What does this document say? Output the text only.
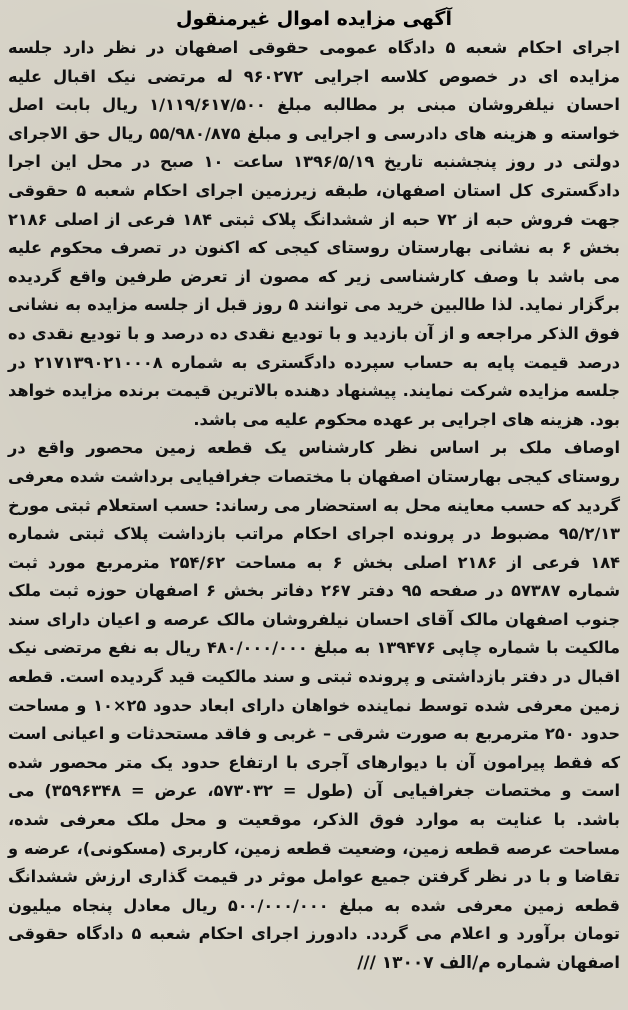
آگهی مزایده اموال غیرمنقول

اجرای احکام شعبه ۵ دادگاه عمومی حقوقی اصفهان در نظر دارد جلسه مزایده ای در خصوص کلاسه اجرایی ۹۶۰۲۷۲ له مرتضی نیک اقبال علیه احسان نیلفروشان مبنی بر مطالبه مبلغ ۱/۱۱۹/۶۱۷/۵۰۰ ریال بابت اصل خواسته و هزینه های دادرسی و اجرایی و مبلغ ۵۵/۹۸۰/۸۷۵ ریال حق الاجرای دولتی در روز پنجشنبه تاریخ ۱۳۹۶/۵/۱۹ ساعت ۱۰ صبح در محل این اجرا دادگستری کل استان اصفهان، طبقه زیرزمین اجرای احکام شعبه ۵ حقوقی جهت فروش حبه از ۷۲ حبه از ششدانگ پلاک ثبتی ۱۸۴ فرعی از اصلی ۲۱۸۶ بخش ۶ به نشانی بهارستان روستای کیجی که اکنون در تصرف محکوم علیه می باشد با وصف کارشناسی زیر که مصون از تعرض طرفین واقع گردیده برگزار نماید. لذا طالبین خرید می توانند ۵ روز قبل از جلسه مزایده به نشانی فوق الذکر مراجعه و از آن بازدید و با تودیع نقدی ده درصد و با تودیع نقدی ده درصد قیمت پایه به حساب سپرده دادگستری به شماره ۲۱۷۱۳۹۰۲۱۰۰۰۸ در جلسه مزایده شرکت نمایند. پیشنهاد دهنده بالاترین قیمت برنده مزایده خواهد بود. هزینه های اجرایی بر عهده محکوم علیه می باشد.
اوصاف ملک بر اساس نظر کارشناس یک قطعه زمین محصور واقع در روستای کیجی بهارستان اصفهان با مختصات جغرافیایی برداشت شده معرفی گردید که حسب معاینه محل به استحضار می رساند: حسب استعلام ثبتی مورخ ۹۵/۲/۱۳ مضبوط در پرونده اجرای احکام مراتب بازداشت پلاک ثبتی شماره ۱۸۴ فرعی از ۲۱۸۶ اصلی بخش ۶ به مساحت ۲۵۴/۶۲ مترمربع مورد ثبت شماره ۵۷۳۸۷ در صفحه ۹۵ دفتر ۲۶۷ دفاتر بخش ۶ اصفهان حوزه ثبت ملک جنوب اصفهان مالک آقای احسان نیلفروشان مالک عرصه و اعیان دارای سند مالکیت با شماره چاپی ۱۳۹۴۷۶ به مبلغ ۴۸۰/۰۰۰/۰۰۰ ریال به نفع مرتضی نیک اقبال در دفتر بازداشتی و پرونده ثبتی و سند مالکیت قید گردیده است. قطعه زمین معرفی شده توسط نماینده خواهان دارای ابعاد حدود ۲۵×۱۰ و مساحت حدود ۲۵۰ مترمربع به صورت شرقی – غربی و فاقد مستحدثات و اعیانی است که فقط پیرامون آن با دیوارهای آجری با ارتفاع حدود یک متر محصور شده است و مختصات جغرافیایی آن (طول = ۵۷۳۰۳۲، عرض = ۳۵۹۶۳۴۸) می باشد. با عنایت به موارد فوق الذکر، موقعیت و محل ملک معرفی شده، مساحت عرصه قطعه زمین، وضعیت قطعه زمین، کاربری (مسکونی)، عرضه و تقاضا و با در نظر گرفتن جمیع عوامل موثر در قیمت گذاری ارزش ششدانگ قطعه زمین معرفی شده به مبلغ ۵۰۰/۰۰۰/۰۰۰ ریال معادل پنجاه میلیون تومان برآورد و اعلام می گردد. دادورز اجرای احکام شعبه ۵ دادگاه حقوقی اصفهان شماره م/الف ۱۳۰۰۷ ///
